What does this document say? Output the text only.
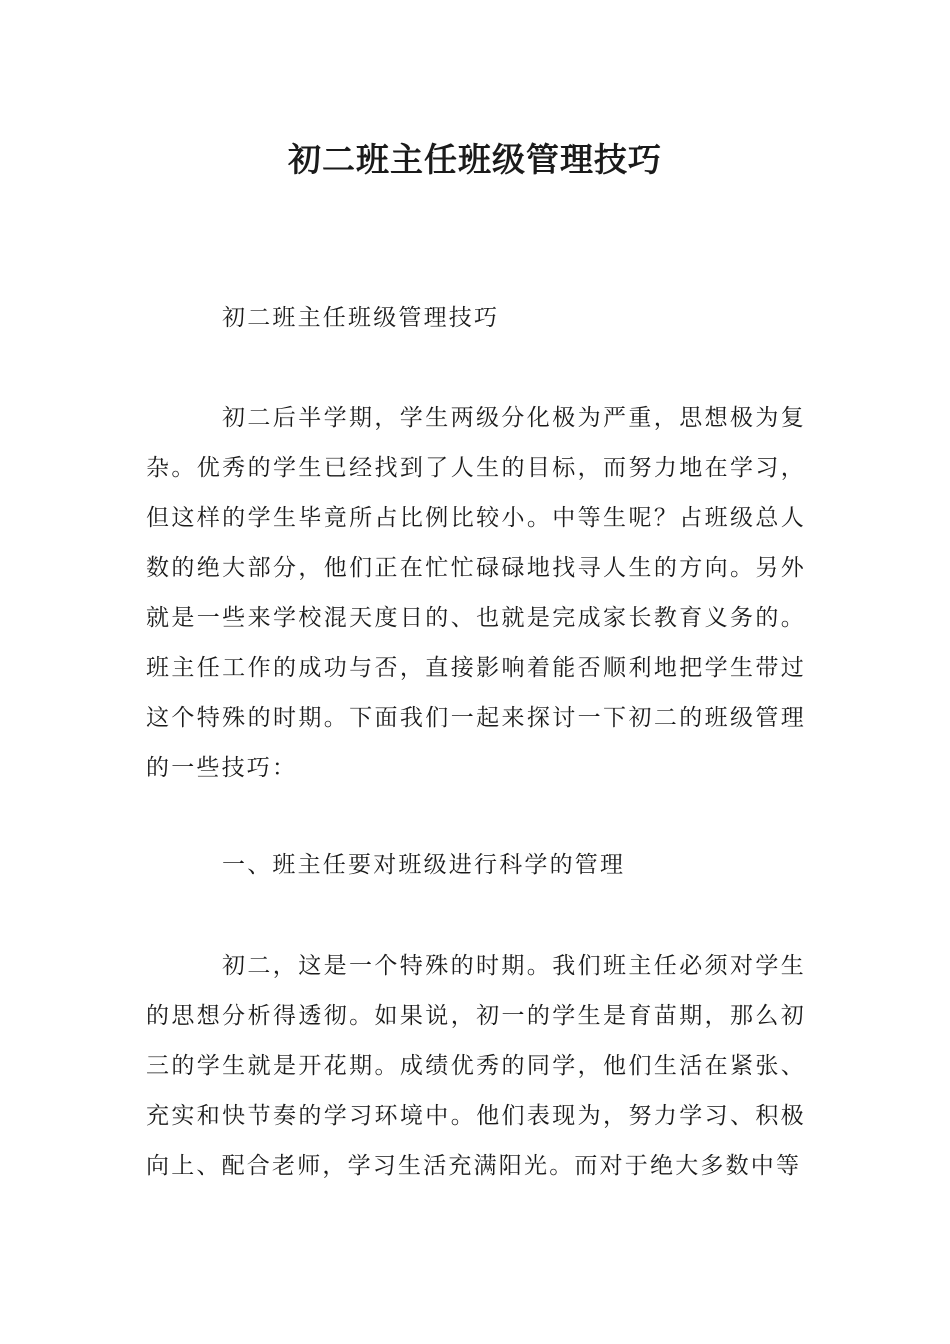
初二班主任班级管理技巧

初二班主任班级管理技巧

初二后半学期，学生两级分化极为严重，思想极为复杂。优秀的学生已经找到了人生的目标，而努力地在学习，但这样的学生毕竟所占比例比较小。中等生呢？占班级总人数的绝大部分，他们正在忙忙碌碌地找寻人生的方向。另外就是一些来学校混天度日的、也就是完成家长教育义务的。班主任工作的成功与否，直接影响着能否顺利地把学生带过这个特殊的时期。下面我们一起来探讨一下初二的班级管理的一些技巧：

一、班主任要对班级进行科学的管理

初二，这是一个特殊的时期。我们班主任必须对学生的思想分析得透彻。如果说，初一的学生是育苗期，那么初三的学生就是开花期。成绩优秀的同学，他们生活在紧张、充实和快节奏的学习环境中。他们表现为，努力学习、积极向上、配合老师，学习生活充满阳光。而对于绝大多数中等
